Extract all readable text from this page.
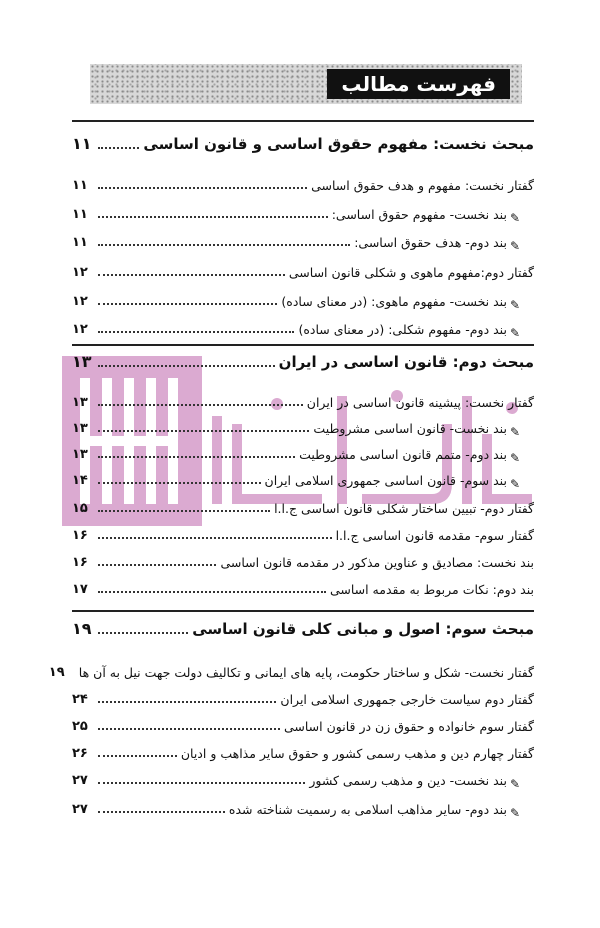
فهرست مطالب
مبحث نخست: مفهوم حقوق اساسی و قانون اساسی
۱۱
گفتار نخست: مفهوم و هدف حقوق اساسی
۱۱
✎
بند نخست- مفهوم حقوق اساسی:
۱۱
✎
بند دوم- هدف حقوق اساسی:
۱۱
گفتار دوم:مفهوم ماهوی و شکلی قانون اساسی
۱۲
✎
بند نخست- مفهوم ماهوی: (در معنای ساده)
۱۲
✎
بند دوم- مفهوم شکلی: (در معنای ساده)
۱۲
مبحث دوم: قانون اساسی در ایران
۱۳
گفتار نخست: پیشینه قانون اساسی در ایران
۱۳
✎
بند نخست- قانون اساسی مشروطیت
۱۳
✎
بند دوم- متمم قانون اساسی مشروطیت
۱۳
✎
بند سوم- قانون اساسی جمهوری اسلامی ایران
۱۴
گفتار دوم- تبیین ساختار شکلی قانون اساسی ج.ا.ا
۱۵
گفتار سوم- مقدمه قانون اساسی ج.ا.ا
۱۶
بند نخست: مصادیق و عناوین مذکور در مقدمه قانون اساسی
۱۶
بند دوم: نکات مربوط به مقدمه اساسی
۱۷
مبحث سوم: اصول و مبانی کلی قانون اساسی
۱۹
گفتار نخست- شکل و ساختار حکومت، پایه های ایمانی و تکالیف دولت جهت نیل به آن ها
۱۹
گفتار دوم سیاست خارجی جمهوری اسلامی ایران
۲۴
گفتار سوم خانواده و حقوق زن در قانون اساسی
۲۵
گفتار چهارم دین و مذهب رسمی کشور و حقوق سایر مذاهب و ادیان
۲۶
✎
بند نخست- دین و مذهب رسمی کشور
۲۷
✎
بند دوم- سایر مذاهب اسلامی به رسمیت شناخته شده
۲۷
